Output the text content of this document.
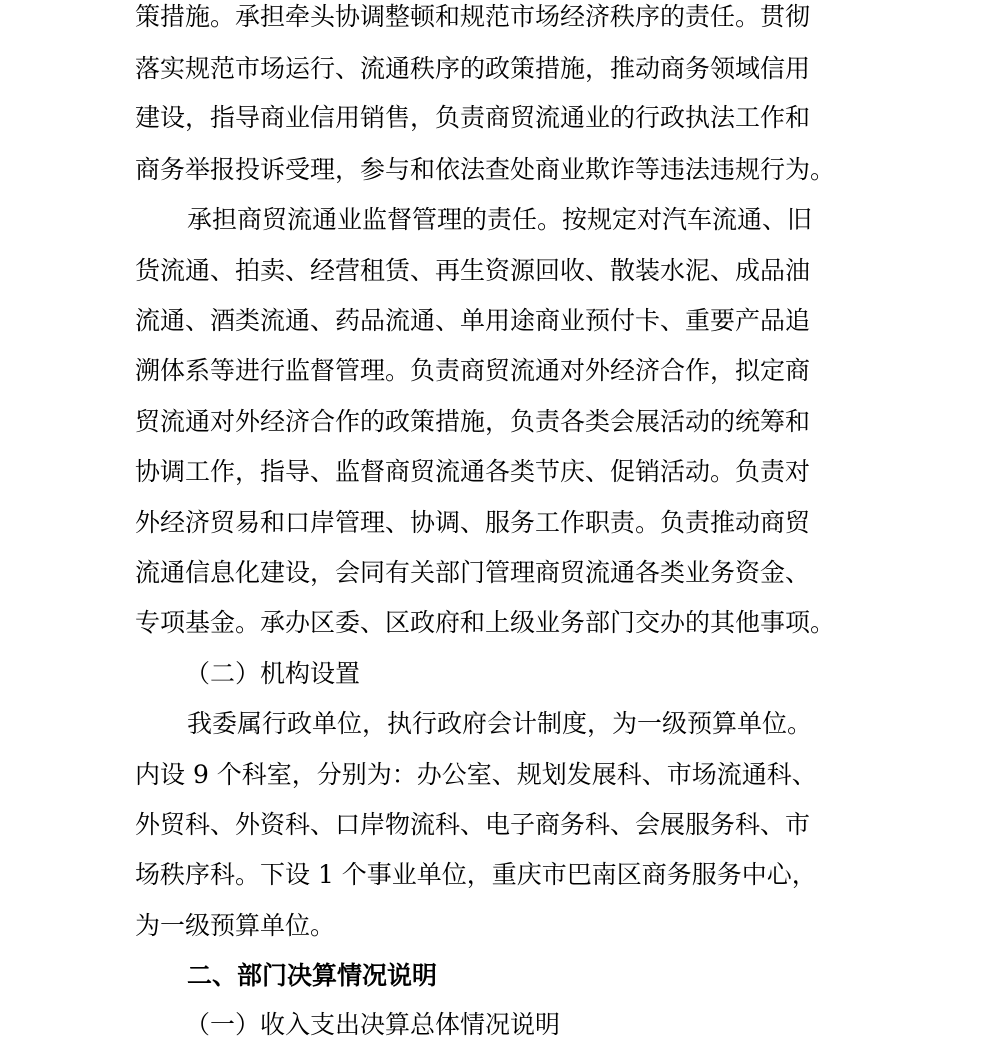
策措施。承担牵头协调整顿和规范市场经济秩序的责任。贯彻
落实规范市场运行、流通秩序的政策措施，推动商务领域信用
建设，指导商业信用销售，负责商贸流通业的行政执法工作和
商务举报投诉受理，参与和依法查处商业欺诈等违法违规行为。
承担商贸流通业监督管理的责任。按规定对汽车流通、旧
货流通、拍卖、经营租赁、再生资源回收、散装水泥、成品油
流通、酒类流通、药品流通、单用途商业预付卡、重要产品追
溯体系等进行监督管理。负责商贸流通对外经济合作，拟定商
贸流通对外经济合作的政策措施，负责各类会展活动的统筹和
协调工作，指导、监督商贸流通各类节庆、促销活动。负责对
外经济贸易和口岸管理、协调、服务工作职责。负责推动商贸
流通信息化建设，会同有关部门管理商贸流通各类业务资金、
专项基金。承办区委、区政府和上级业务部门交办的其他事项。
（二）机构设置
我委属行政单位，执行政府会计制度，为一级预算单位。
内设 9 个科室，分别为：办公室、规划发展科、市场流通科、
外贸科、外资科、口岸物流科、电子商务科、会展服务科、市
场秩序科。下设 1 个事业单位，重庆市巴南区商务服务中心，
为一级预算单位。
二、部门决算情况说明
（一）收入支出决算总体情况说明
